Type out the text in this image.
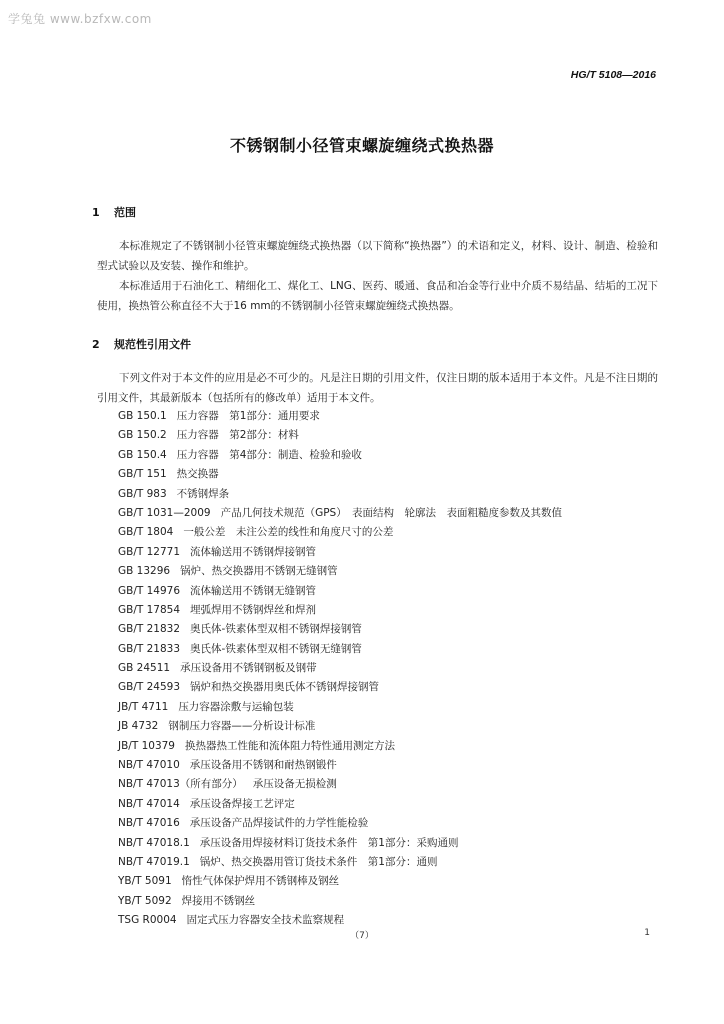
学兔兔 www.bzfxw.com
HG/T 5108—2016
不锈钢制小径管束螺旋缠绕式换热器
1 范围

本标准规定了不锈钢制小径管束螺旋缠绕式换热器（以下简称“换热器”）的术语和定义，材料、设计、制造、检验和型式试验以及安装、操作和维护。

本标准适用于石油化工、精细化工、煤化工、LNG、医药、暖通、食品和冶金等行业中介质不易结晶、结垢的工况下使用，换热管公称直径不大于16 mm的不锈钢制小径管束螺旋缠绕式换热器。

2 规范性引用文件

下列文件对于本文件的应用是必不可少的。凡是注日期的引用文件，仅注日期的版本适用于本文件。凡是不注日期的引用文件，其最新版本（包括所有的修改单）适用于本文件。

GB 150.1 压力容器　第1部分：通用要求
GB 150.2 压力容器　第2部分：材料
GB 150.4 压力容器　第4部分：制造、检验和验收
GB/T 151 热交换器
GB/T 983 不锈钢焊条
GB/T 1031—2009 产品几何技术规范（GPS）　表面结构　轮廓法　表面粗糙度参数及其数值
GB/T 1804 一般公差　未注公差的线性和角度尺寸的公差
GB/T 12771 流体输送用不锈钢焊接钢管
GB 13296 锅炉、热交换器用不锈钢无缝钢管
GB/T 14976 流体输送用不锈钢无缝钢管
GB/T 17854 埋弧焊用不锈钢焊丝和焊剂
GB/T 21832 奥氏体-铁素体型双相不锈钢焊接钢管
GB/T 21833 奥氏体-铁素体型双相不锈钢无缝钢管
GB 24511 承压设备用不锈钢钢板及钢带
GB/T 24593 锅炉和热交换器用奥氏体不锈钢焊接钢管
JB/T 4711 压力容器涂敷与运输包装
JB 4732 钢制压力容器——分析设计标准
JB/T 10379 换热器热工性能和流体阻力特性通用测定方法
NB/T 47010 承压设备用不锈钢和耐热钢锻件
NB/T 47013（所有部分） 承压设备无损检测
NB/T 47014 承压设备焊接工艺评定
NB/T 47016 承压设备产品焊接试件的力学性能检验
NB/T 47018.1 承压设备用焊接材料订货技术条件　第1部分：采购通则
NB/T 47019.1 锅炉、热交换器用管订货技术条件　第1部分：通则
YB/T 5091 惰性气体保护焊用不锈钢棒及钢丝
YB/T 5092 焊接用不锈钢丝
TSG R0004 固定式压力容器安全技术监察规程
（7）	1
